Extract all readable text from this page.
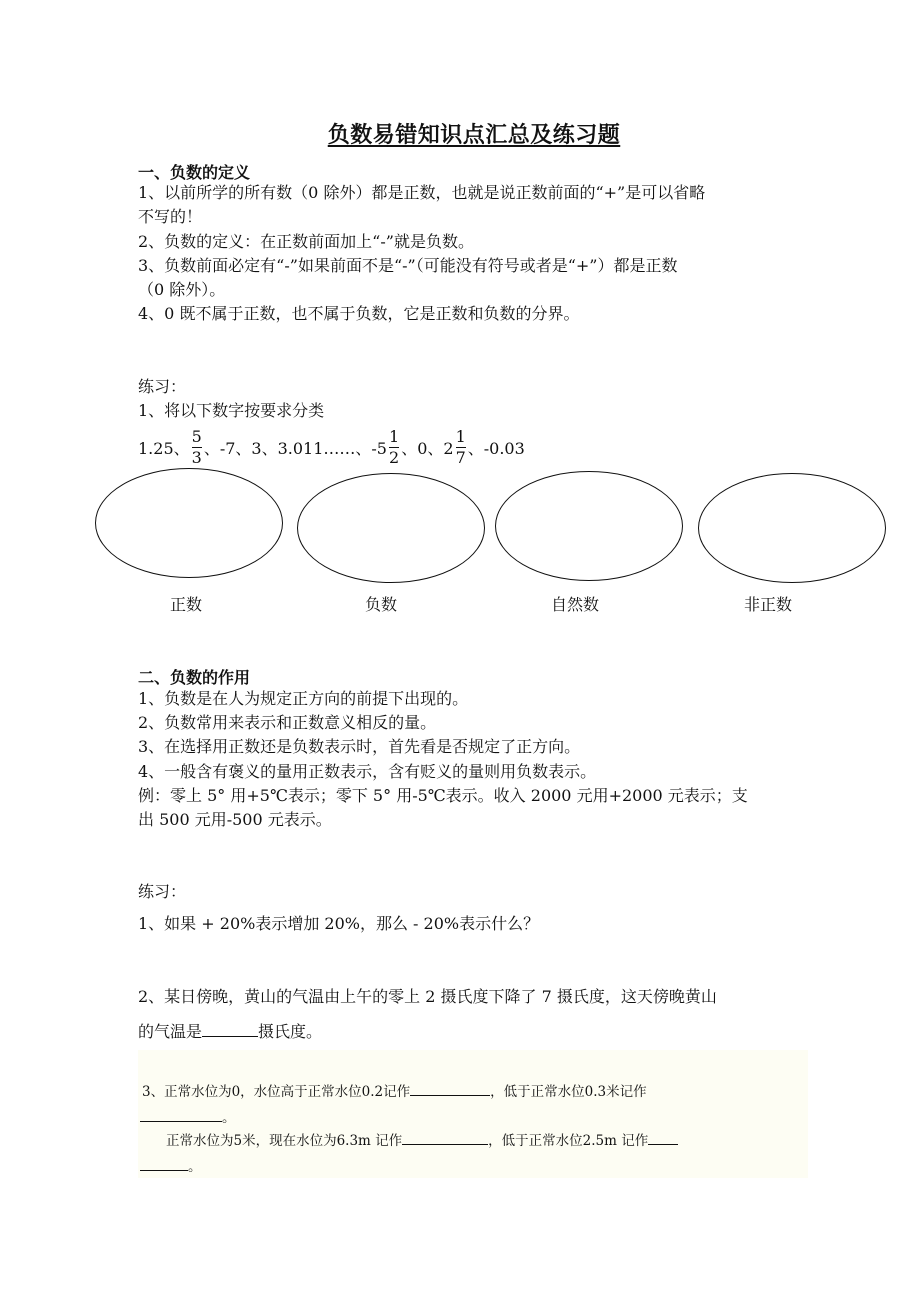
负数易错知识点汇总及练习题
一、负数的定义
1、以前所学的所有数（0 除外）都是正数，也就是说正数前面的“+”是可以省略
不写的！
2、负数的定义：在正数前面加上“-”就是负数。
3、负数前面必定有“-”如果前面不是“-”（可能没有符号或者是“+”）都是正数
（0 除外）。
4、0 既不属于正数，也不属于负数，它是正数和负数的分界。
练习：
1、将以下数字按要求分类
1.25、 $\frac{5}{3}$ 、-7、3、3.011……、$-5 \frac{1}{2}$ 、0、$2 \frac{1}{7}$ 、-0.03
正数	负数	自然数	非正数
二、负数的作用
1、负数是在人为规定正方向的前提下出现的。
2、负数常用来表示和正数意义相反的量。
3、在选择用正数还是负数表示时，首先看是否规定了正方向。
4、一般含有褒义的量用正数表示，含有贬义的量则用负数表示。
例：零上 5° 用+5℃表示；零下 5° 用-5℃表示。收入 2000 元用+2000 元表示；支
出 500 元用-500 元表示。
练习：
1、如果 + 20%表示增加 20%，那么 - 20%表示什么？
2、某日傍晚，黄山的气温由上午的零上 2 摄氏度下降了 7 摄氏度，这天傍晚黄山
的气温是	摄氏度。
3、正常水位为0，水位高于正常水位0.2记作	，低于正常水位0.3米记作
。
正常水位为5米，现在水位为6.3m 记作	，低于正常水位2.5m 记作
。
